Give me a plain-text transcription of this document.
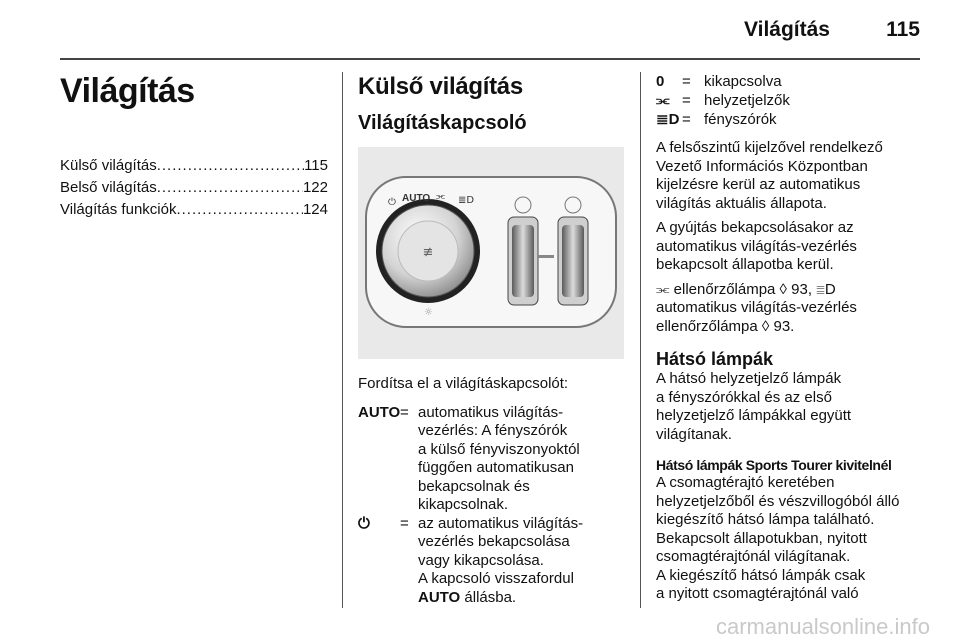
Világítás	115
Világítás
Külső világítás .....	115
Belső világítás .....	122
Világítás funkciók .....	124
Külső világítás
Világításkapcsoló
≢
⏻ AUTO ⫘ ≣D
☼

Fordítsa el a világításkapcsolót:

AUTO = automatikus világítás-
vezérlés: A fényszórók
a külső fényviszonyoktól
függően automatikusan
bekapcsolnak és
kikapcsolnak.
⏻	= az automatikus világítás-
vezérlés bekapcsolása
vagy kikapcsolása.
A kapcsoló visszafordul
AUTO állásba.
0	= kikapcsolva
⫘ = helyzetjelzők
≣D = fényszórók

A felsőszintű kijelzővel rendelkező
Vezető Információs Központban
kijelzésre kerül az automatikus
világítás aktuális állapota.

A gyújtás bekapcsolásakor az
automatikus világítás-vezérlés
bekapcsolt állapotba kerül.

⫘ ellenőrzőlámpa ◊ 93, ≣D
automatikus világítás-vezérlés
ellenőrzőlámpa ◊ 93.

Hátsó lámpák

A hátsó helyzetjelző lámpák
a fényszórókkal és az első
helyzetjelző lámpákkal együtt
világítanak.

Hátsó lámpák Sports Tourer kivitelnél

A csomagtérajtó keretében
helyzetjelzőből és vészvillogóból álló
kiegészítő hátsó lámpa található.
Bekapcsolt állapotukban, nyitott
csomagtérajtónál világítanak.
A kiegészítő hátsó lámpák csak
a nyitott csomagtérajtónál való

carmanualsonline.info
